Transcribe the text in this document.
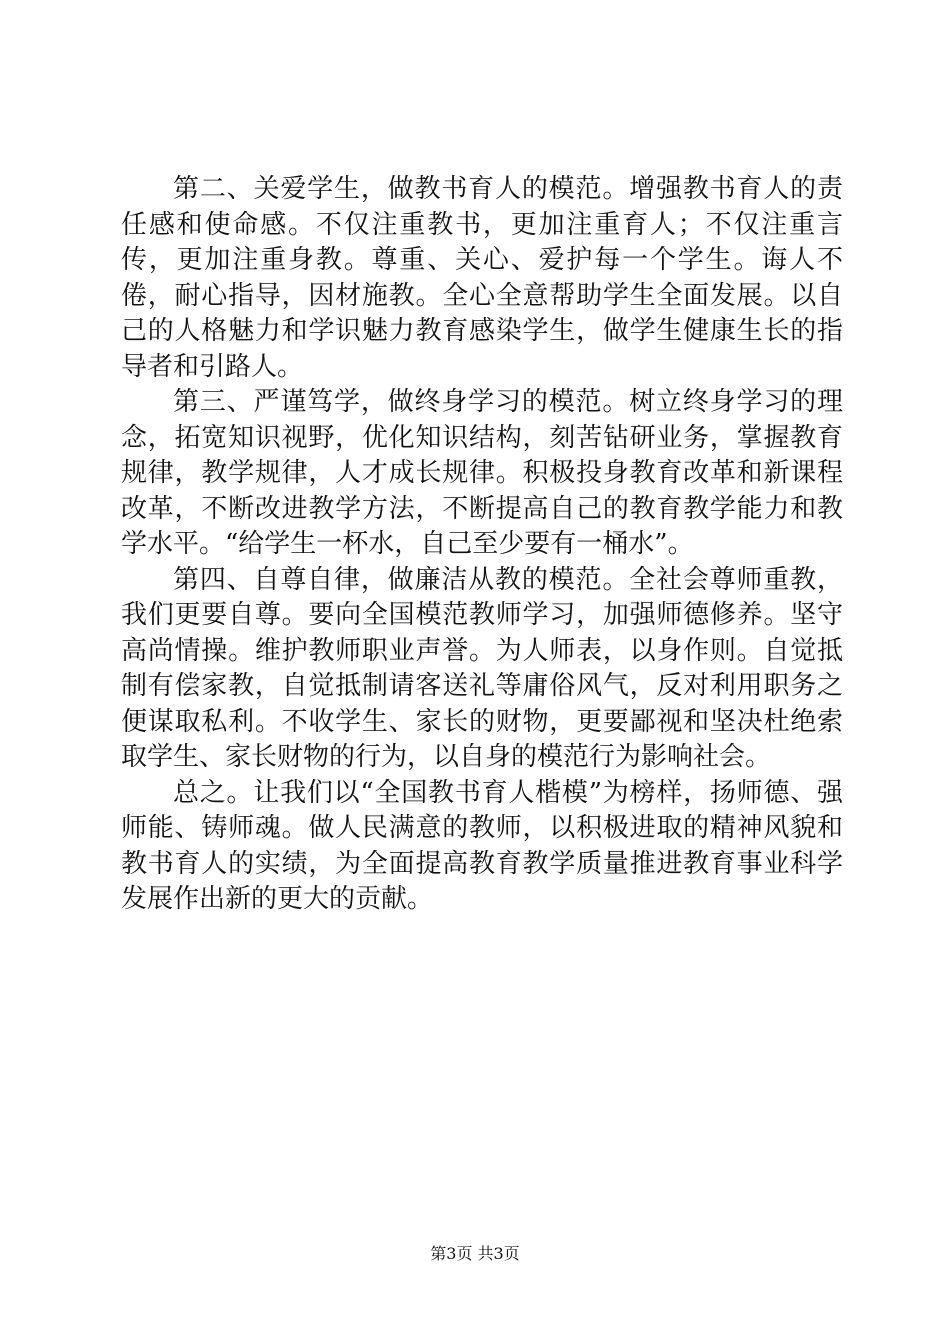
第二、关爱学生，做教书育人的模范。增强教书育人的责任感和使命感。不仅注重教书，更加注重育人；不仅注重言传，更加注重身教。尊重、关心、爱护每一个学生。诲人不倦，耐心指导，因材施教。全心全意帮助学生全面发展。以自己的人格魅力和学识魅力教育感染学生，做学生健康生长的指导者和引路人。

第三、严谨笃学，做终身学习的模范。树立终身学习的理念，拓宽知识视野，优化知识结构，刻苦钻研业务，掌握教育规律，教学规律，人才成长规律。积极投身教育改革和新课程改革，不断改进教学方法，不断提高自己的教育教学能力和教学水平。“给学生一杯水，自己至少要有一桶水”。

第四、自尊自律，做廉洁从教的模范。全社会尊师重教，我们更要自尊。要向全国模范教师学习，加强师德修养。坚守高尚情操。维护教师职业声誉。为人师表，以身作则。自觉抵制有偿家教，自觉抵制请客送礼等庸俗风气，反对利用职务之便谋取私利。不收学生、家长的财物，更要鄙视和坚决杜绝索取学生、家长财物的行为，以自身的模范行为影响社会。

总之。让我们以“全国教书育人楷模”为榜样，扬师德、强师能、铸师魂。做人民满意的教师，以积极进取的精神风貌和教书育人的实绩，为全面提高教育教学质量推进教育事业科学发展作出新的更大的贡献。

第3页 共3页
